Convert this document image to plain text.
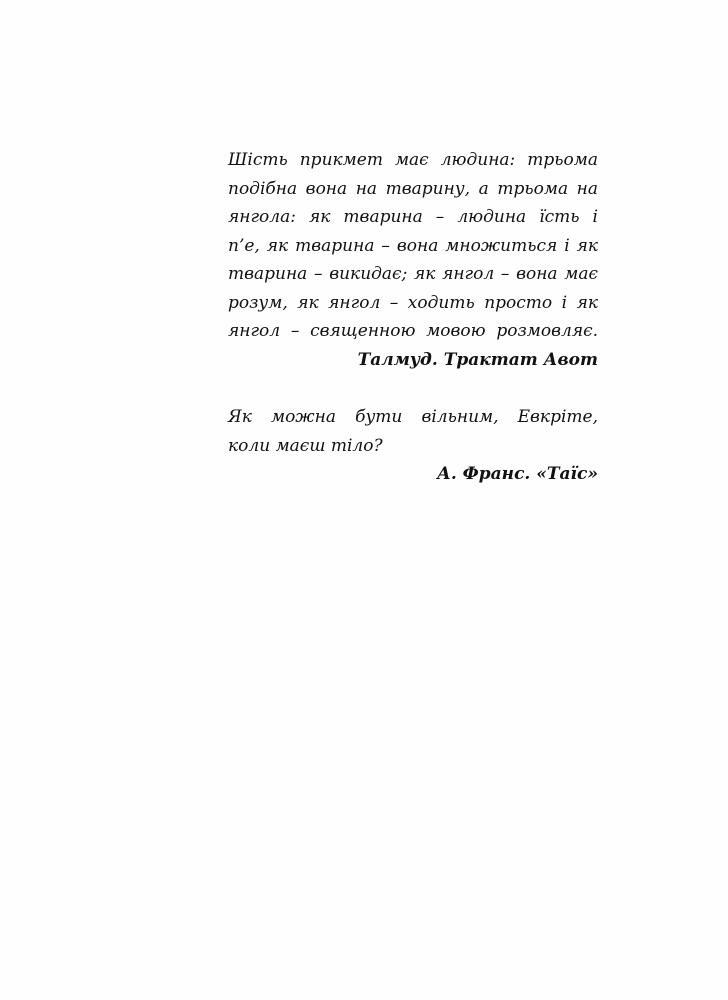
Шість прикмет має людина: трьома
подібна вона на тварину, а трьома на
янгола: як тварина – людина їсть і
п’е, як тварина – вона множиться і як
тварина – викидає; як янгол – вона має
розум, як янгол – ходить просто і як
янгол – священною мовою розмовляє.
Талмуд. Трактат Авот
Як можна бути вільним, Евкріте,
коли маєш тіло?
А. Франс. «Таїс»
